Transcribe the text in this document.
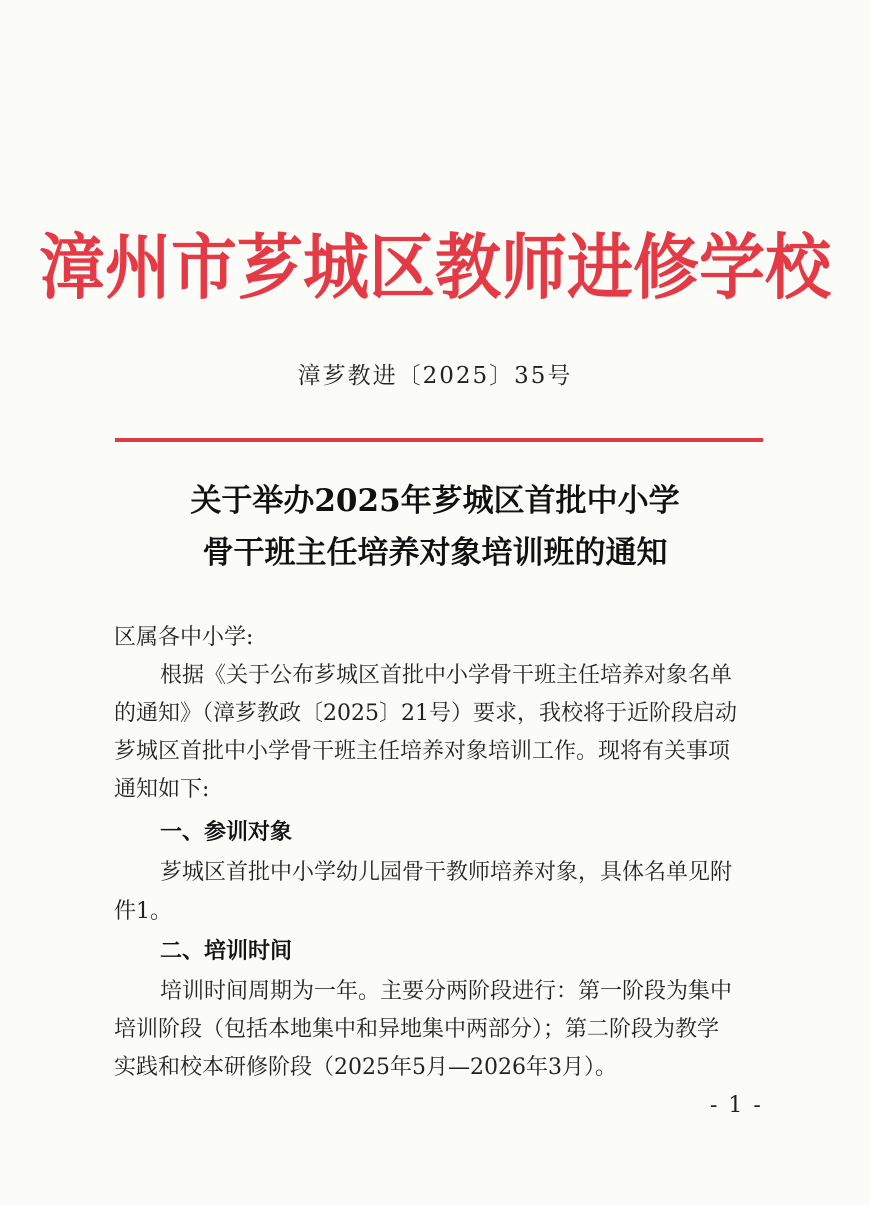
漳州市芗城区教师进修学校
漳芗教进〔2025〕35号
关于举办2025年芗城区首批中小学
骨干班主任培养对象培训班的通知
区属各中小学:
根据《关于公布芗城区首批中小学骨干班主任培养对象名单
的通知》（漳芗教政〔2025〕21号）要求，我校将于近阶段启动
芗城区首批中小学骨干班主任培养对象培训工作。现将有关事项
通知如下:
一、参训对象
芗城区首批中小学幼儿园骨干教师培养对象，具体名单见附
件1。
二、培训时间
培训时间周期为一年。主要分两阶段进行：第一阶段为集中
培训阶段（包括本地集中和异地集中两部分）；第二阶段为教学
实践和校本研修阶段（2025年5月—2026年3月）。
- 1 -
